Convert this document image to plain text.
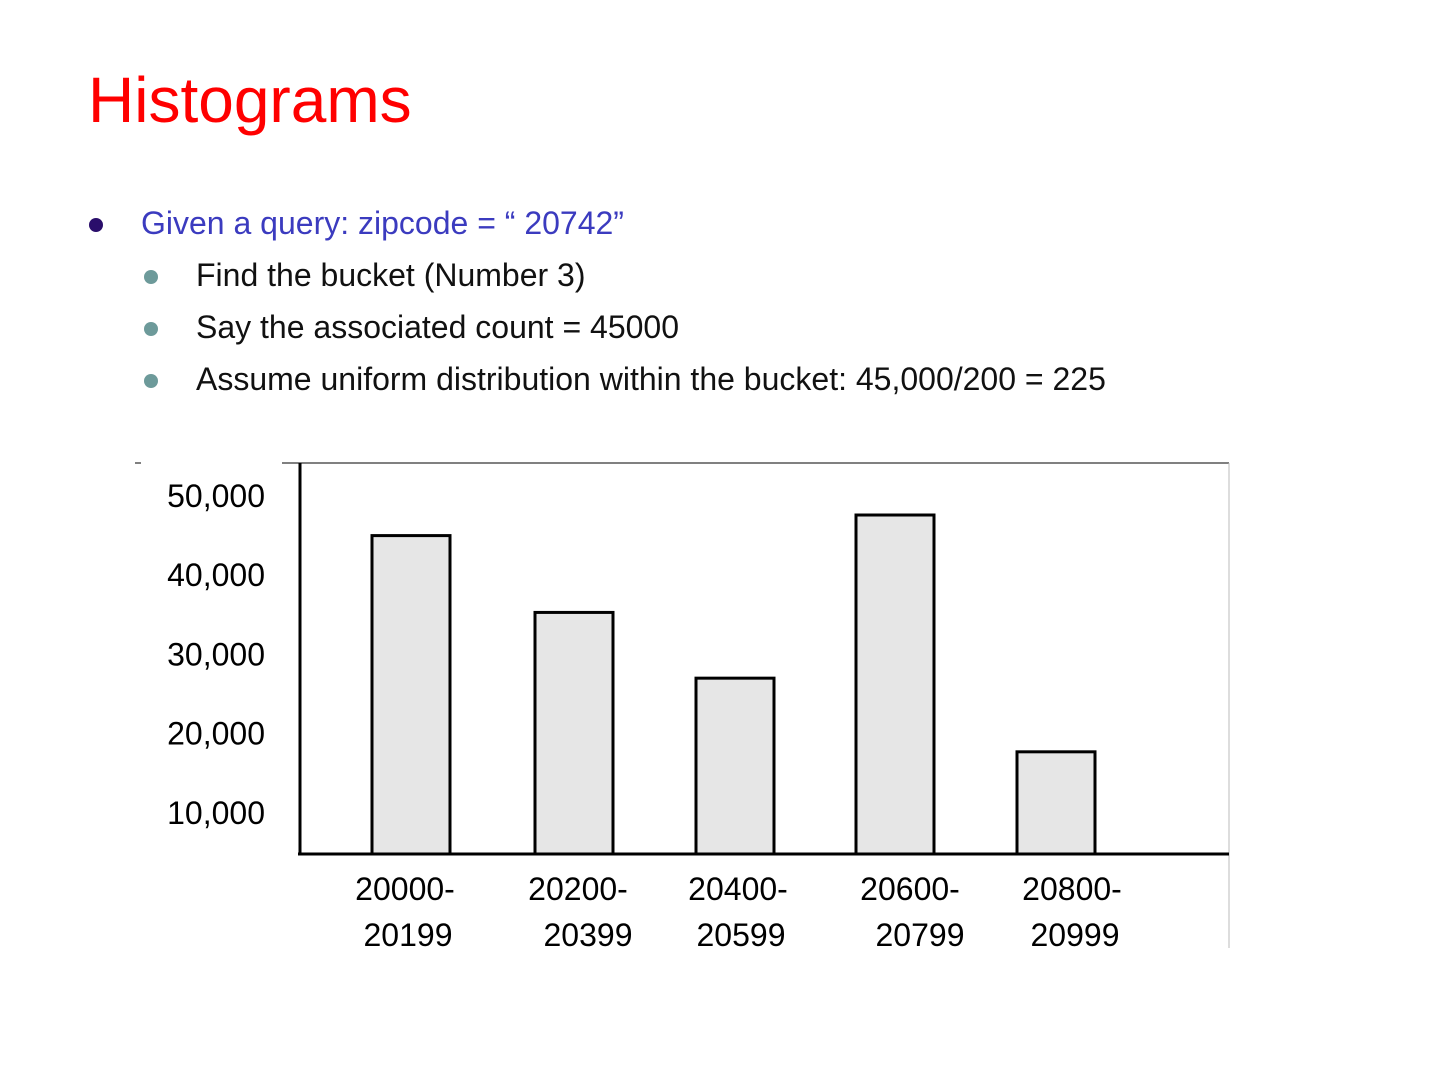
Histograms
Given a query: zipcode = “ 20742”
Find the bucket (Number 3)
Say the associated count = 45000
Assume uniform distribution within the bucket: 45,000/200 = 225
50,000
40,000
30,000
20,000
10,000
20000-20199
20200-20399
20400-20599
20600-20799
20800-20999
